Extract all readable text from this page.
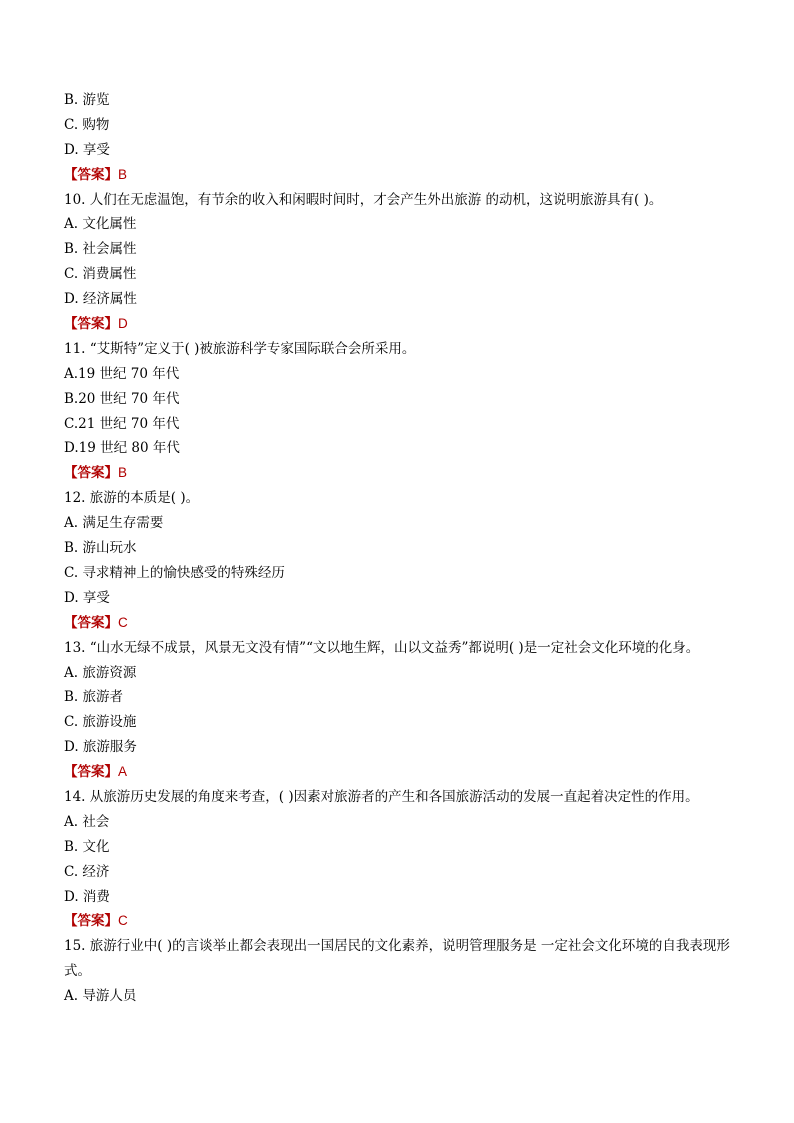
B. 游览
C. 购物
D. 享受
【答案】B
10. 人们在无虑温饱，有节余的收入和闲暇时间时，才会产生外出旅游 的动机，这说明旅游具有( )。
A. 文化属性
B. 社会属性
C. 消费属性
D. 经济属性
【答案】D
11. “艾斯特”定义于( )被旅游科学专家国际联合会所采用。
A.19 世纪 70 年代
B.20 世纪 70 年代
C.21 世纪 70 年代
D.19 世纪 80 年代
【答案】B
12. 旅游的本质是( )。
A. 满足生存需要
B. 游山玩水
C. 寻求精神上的愉快感受的特殊经历
D. 享受
【答案】C
13. “山水无绿不成景，风景无文没有情”“文以地生辉，山以文益秀”都说明( )是一定社会文化环境的化身。
A. 旅游资源
B. 旅游者
C. 旅游设施
D. 旅游服务
【答案】A
14. 从旅游历史发展的角度来考查，( )因素对旅游者的产生和各国旅游活动的发展一直起着决定性的作用。
A. 社会
B. 文化
C. 经济
D. 消费
【答案】C
15. 旅游行业中( )的言谈举止都会表现出一国居民的文化素养，说明管理服务是 一定社会文化环境的自我表现形式。
A. 导游人员
